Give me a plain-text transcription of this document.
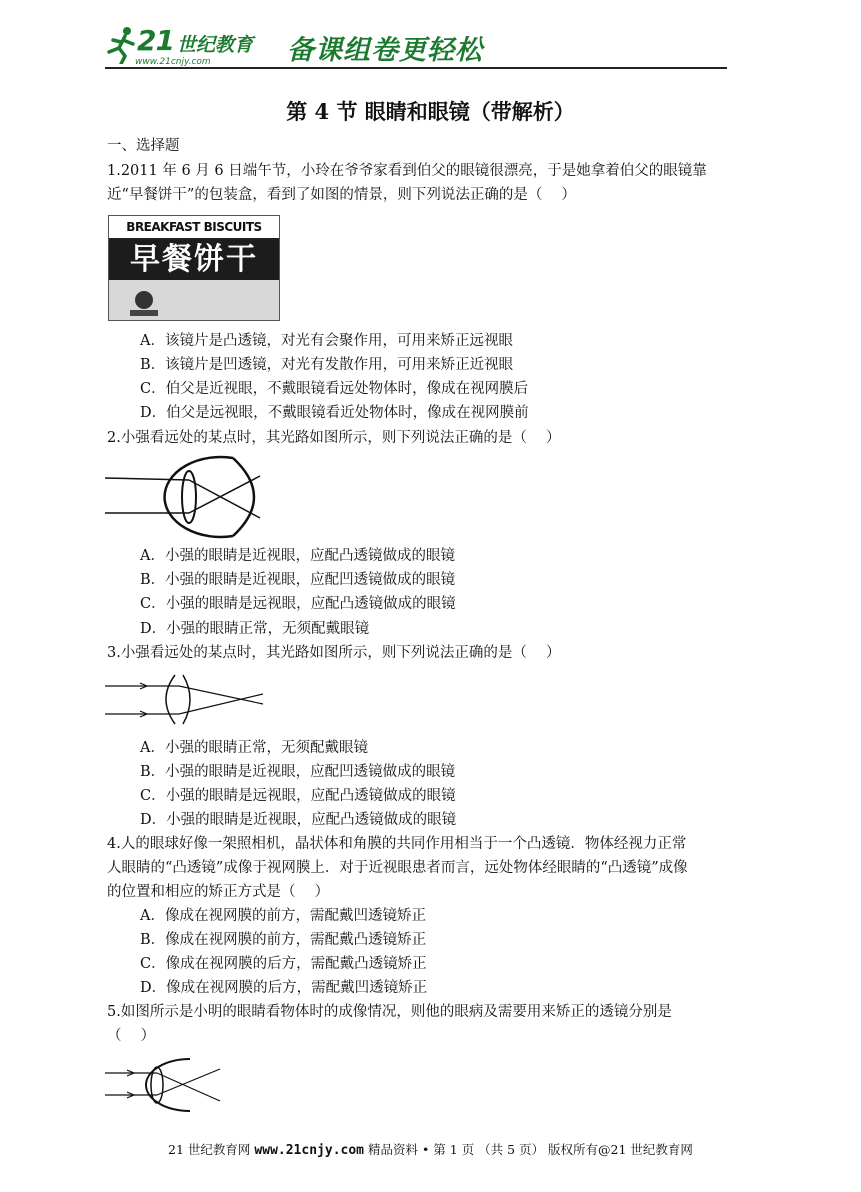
21 世纪教育
www.21cnjy.com	备课组卷更轻松
第 4 节 眼睛和眼镜（带解析）
一、选择题
1.2011 年 6 月 6 日端午节，小玲在爷爷家看到伯父的眼镜很漂亮，于是她拿着伯父的眼镜靠
近“早餐饼干”的包装盒，看到了如图的情景，则下列说法正确的是（　 ）
BREAKFAST BISCUITS
早餐饼干
A．该镜片是凸透镜，对光有会聚作用，可用来矫正远视眼
B．该镜片是凹透镜，对光有发散作用，可用来矫正近视眼
C．伯父是近视眼，不戴眼镜看远处物体时，像成在视网膜后
D．伯父是远视眼，不戴眼镜看近处物体时，像成在视网膜前
2.小强看远处的某点时，其光路如图所示，则下列说法正确的是（　 ）
A．小强的眼睛是近视眼，应配凸透镜做成的眼镜
B．小强的眼睛是近视眼，应配凹透镜做成的眼镜
C．小强的眼睛是远视眼，应配凸透镜做成的眼镜
D．小强的眼睛正常，无须配戴眼镜
3.小强看远处的某点时，其光路如图所示，则下列说法正确的是（　 ）
A．小强的眼睛正常，无须配戴眼镜
B．小强的眼睛是近视眼，应配凹透镜做成的眼镜
C．小强的眼睛是远视眼，应配凸透镜做成的眼镜
D．小强的眼睛是近视眼，应配凸透镜做成的眼镜
4.人的眼球好像一架照相机，晶状体和角膜的共同作用相当于一个凸透镜．物体经视力正常
人眼睛的“凸透镜”成像于视网膜上．对于近视眼患者而言，远处物体经眼睛的“凸透镜”成像
的位置和相应的矫正方式是（　 ）
A．像成在视网膜的前方，需配戴凹透镜矫正
B．像成在视网膜的前方，需配戴凸透镜矫正
C．像成在视网膜的后方，需配戴凸透镜矫正
D．像成在视网膜的后方，需配戴凹透镜矫正
5.如图所示是小明的眼睛看物体时的成像情况，则他的眼病及需要用来矫正的透镜分别是
（　 ）
21 世纪教育网 www.21cnjy.com 精品资料 • 第 1 页 （共 5 页） 版权所有@21 世纪教育网
